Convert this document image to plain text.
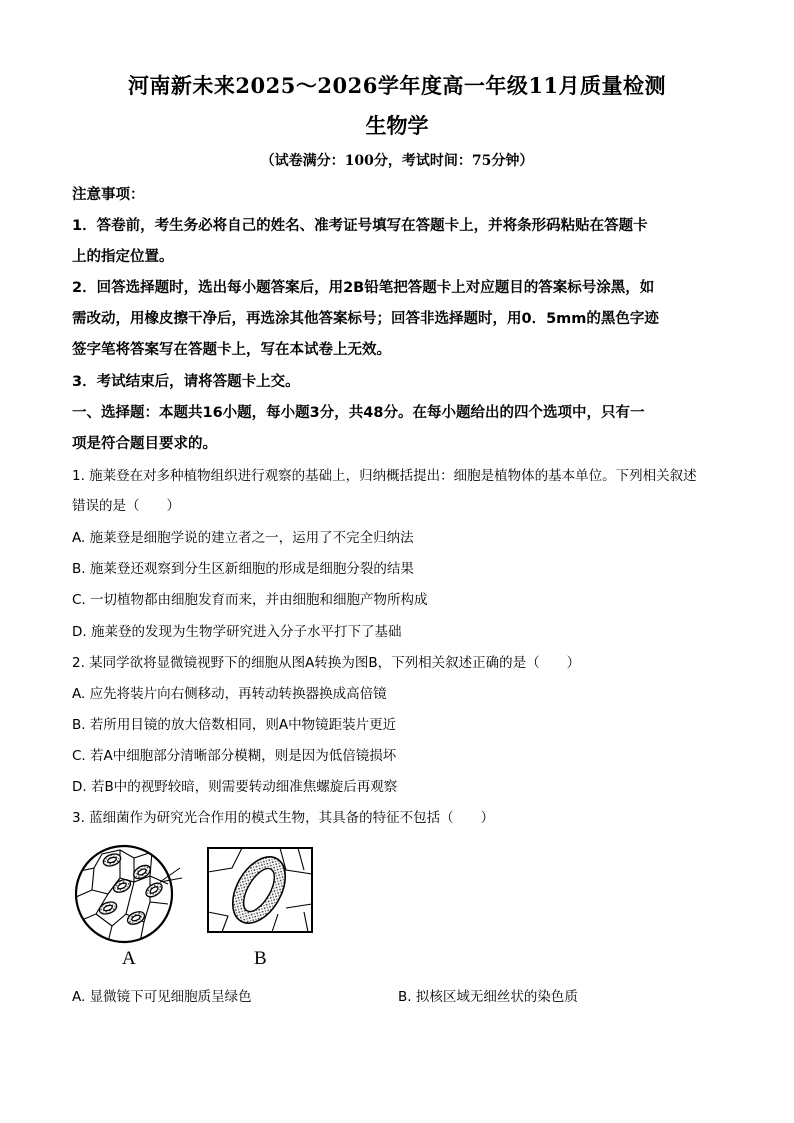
河南新未来2025～2026学年度高一年级11月质量检测
生物学
（试卷满分：100分，考试时间：75分钟）
注意事项：
1．答卷前，考生务必将自己的姓名、准考证号填写在答题卡上，并将条形码粘贴在答题卡
上的指定位置。
2．回答选择题时，选出每小题答案后，用2B铅笔把答题卡上对应题目的答案标号涂黑，如
需改动，用橡皮擦干净后，再选涂其他答案标号；回答非选择题时，用0．5mm的黑色字迹
签字笔将答案写在答题卡上，写在本试卷上无效。
3．考试结束后，请将答题卡上交。
一、选择题：本题共16小题，每小题3分，共48分。在每小题给出的四个选项中，只有一
项是符合题目要求的。
1. 施莱登在对多种植物组织进行观察的基础上，归纳概括提出：细胞是植物体的基本单位。下列相关叙述
错误的是（　　）
A. 施莱登是细胞学说的建立者之一，运用了不完全归纳法
B. 施莱登还观察到分生区新细胞的形成是细胞分裂的结果
C. 一切植物都由细胞发育而来，并由细胞和细胞产物所构成
D. 施莱登的发现为生物学研究进入分子水平打下了基础
2. 某同学欲将显微镜视野下的细胞从图A转换为图B，下列相关叙述正确的是（　　）
A. 应先将装片向右侧移动，再转动转换器换成高倍镜
B. 若所用目镜的放大倍数相同，则A中物镜距装片更近
C. 若A中细胞部分清晰部分模糊，则是因为低倍镜损坏
D. 若B中的视野较暗，则需要转动细准焦螺旋后再观察
3. 蓝细菌作为研究光合作用的模式生物，其具备的特征不包括（　　）
A	B
A. 显微镜下可见细胞质呈绿色	B. 拟核区域无细丝状的染色质
